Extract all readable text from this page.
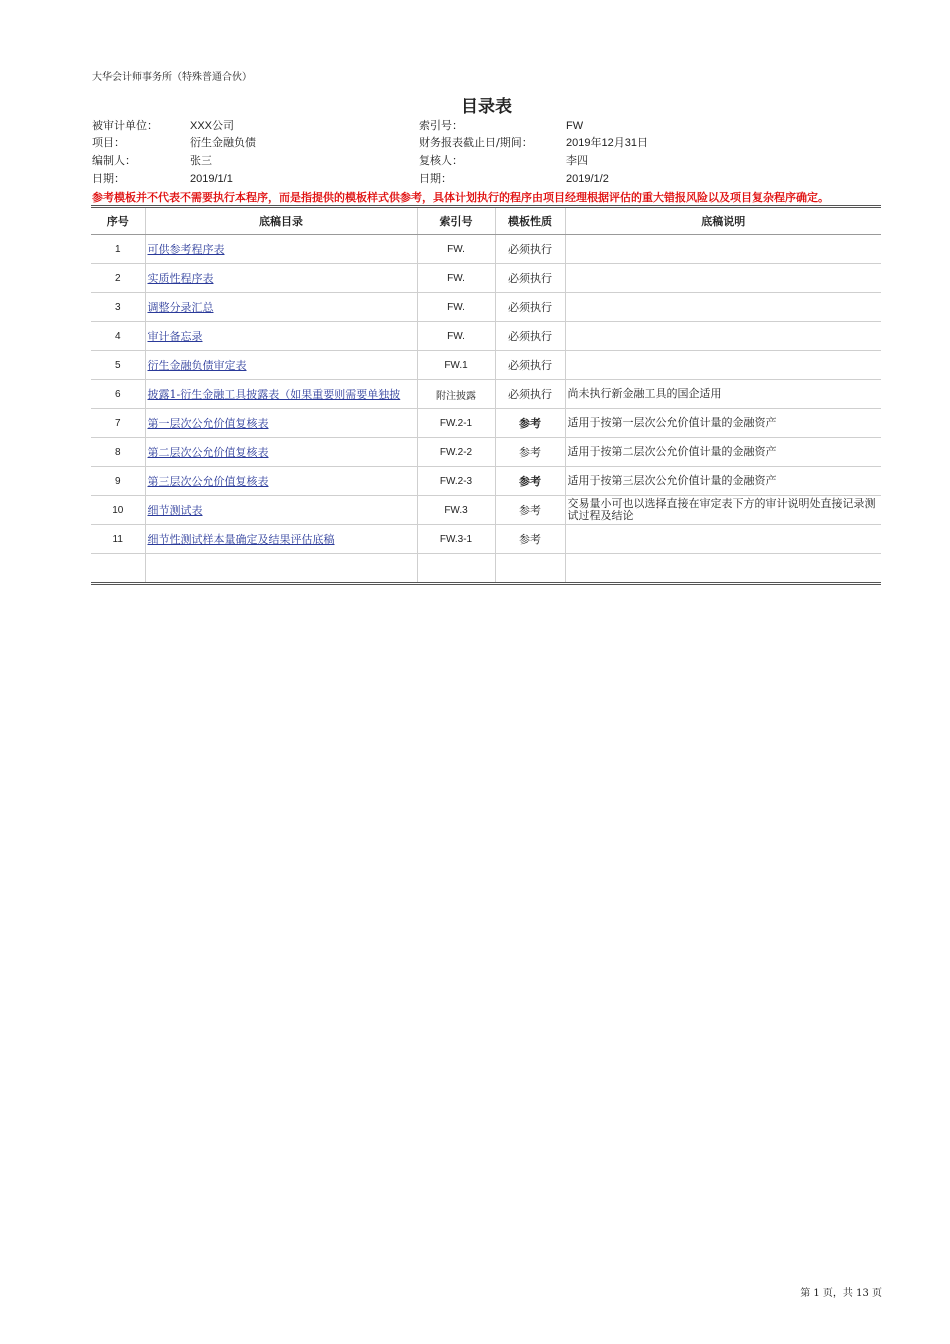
大华会计师事务所（特殊普通合伙）
目录表
被审计单位：	XXX公司	索引号：	FW
项目：	衍生金融负债	财务报表截止日/期间：	2019年12月31日
编制人：	张三	复核人：	李四
日期：	2019/1/1	日期：	2019/1/2
参考模板并不代表不需要执行本程序，而是指提供的模板样式供参考，具体计划执行的程序由项目经理根据评估的重大错报风险以及项目复杂程序确定。
序号	底稿目录	索引号	模板性质	底稿说明
1	可供参考程序表	FW.	必须执行	
2	实质性程序表	FW.	必须执行	
3	调整分录汇总	FW.	必须执行	
4	审计备忘录	FW.	必须执行	
5	衍生金融负债审定表	FW.1	必须执行	
6	披露1-衍生金融工具披露表（如果重要则需要单独披	附注披露	必须执行	尚未执行新金融工具的国企适用
7	第一层次公允价值复核表	FW.2-1	参考	适用于按第一层次公允价值计量的金融资产
8	第二层次公允价值复核表	FW.2-2	参考	适用于按第二层次公允价值计量的金融资产
9	第三层次公允价值复核表	FW.2-3	参考	适用于按第三层次公允价值计量的金融资产
10	细节测试表	FW.3	参考	交易量小可也以选择直接在审定表下方的审计说明处直接记录测试过程及结论
11	细节性测试样本量确定及结果评估底稿	FW.3-1	参考	

第 1 页，共 13 页
